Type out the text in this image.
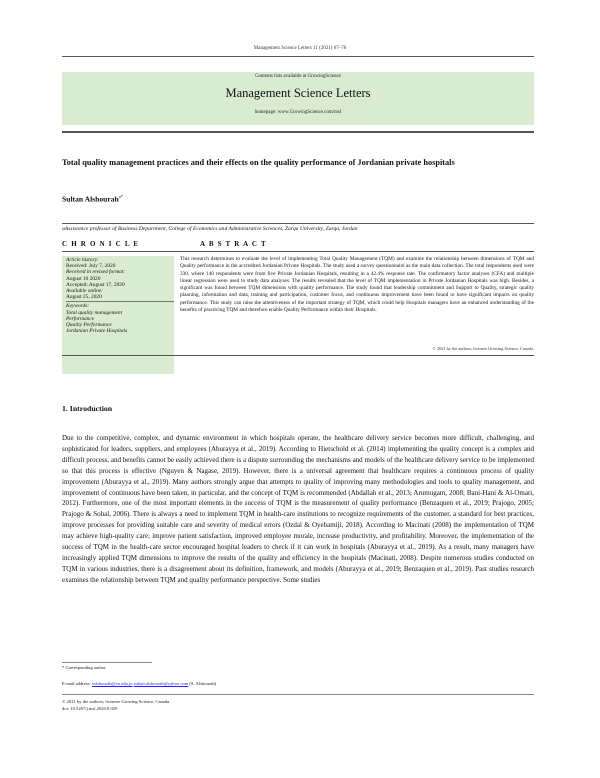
Management Science Letters 11 (2021) 67–76
Contents lists available at GrowingScience
Management Science Letters
homepage: www.GrowingScience.com/msl
Total quality management practices and their effects on the quality performance of Jordanian private hospitals
Sultan Alshourah$^{a*}$
aAssistance professor of Business Department, College of Economics and Administrative Sciences, Zarqa University, Zarqa, Jordan
C H R O N I C L E	A B S T R A C T
Article history:
Received: July 7, 2020
Received in revised format:
August 10 2020
Accepted: August 17, 2020
Available online:
August 25, 2020
Keywords:
Total quality management
Performance
Quality Performance
Jordanian Private Hospitals
This research determines to evaluate the level of implementing Total Quality Management (TQM) and examine the relationship between dimensions of TQM and Quality performance in the accredited Jordanian Private Hospitals. The study used a survey questionnaire as the main data collection. The total respondents used were 330, where 140 respondents were from five Private Jordanian Hospitals, resulting in a 42.4% response rate. The confirmatory factor analyses (CFA) and multiple linear regression were used to study data analyses. The results revealed that the level of TQM implementation in Private Jordanian Hospitals was high. Besides, a significant was found between TQM dimensions with quality performance. The study found that leadership commitment and Support to Quality, strategic quality planning, information and data, training and participation, customer focus, and continuous improvement have been found to have significant impacts on quality performance. This study can raise the attentiveness of the important strategy of TQM, which could help Hospitals managers have an enhanced understanding of the benefits of practicing TQM and therefore enable Quality Performance within their Hospitals.
© 2021 by the authors; licensee Growing Science, Canada.
1. Introduction
Due to the competitive, complex, and dynamic environment in which hospitals operate, the healthcare delivery service becomes more difficult, challenging, and sophisticated for leaders, suppliers, and employees (Aburayya et al., 2019). According to Hietschold et al. (2014) implementing the quality concept is a complex and difficult process, and benefits cannot be easily achieved there is a dispute surrounding the mechanisms and models of the healthcare delivery service to be implemented so that this process is effective (Nguyen & Nagase, 2019). However, there is a universal agreement that healthcare requires a continuous process of quality improvement (Aburayya et al., 2019). Many authors strongly argue that attempts to quality of improving many methodologies and tools to quality management, and improvement of continuous have been taken, in particular, and the concept of TQM is recommended (Abdallah et al., 2013; Arumugam, 2008; Bani-Hani & Al-Omari, 2012). Furthermore, one of the most important elements in the success of TQM is the measurement of quality performance (Benzaquen et al., 2019; Prajogo, 2005; Prajogo & Sohal, 2006). There is always a need to implement TQM in health-care institutions to recognize requirements of the customer, a standard for best practices, improve processes for providing suitable care and severity of medical errors (Ozdal & Oyebamiji, 2018). According to Macinati (2008) the implementation of TQM may achieve high-quality care; improve patient satisfaction, improved employee morale, increase productivity, and profitability. Moreover, the implementation of the success of TQM in the health-care sector encouraged hospital leaders to check if it can work in hospitals (Aburayya et al., 2019). As a result, many managers have increasingly applied TQM dimensions to improve the results of the quality and efficiency in the hospitals (Macinati, 2008). Despite numerous studies conducted on TQM in various industries, there is a disagreement about its definition, framework, and models (Aburayya et al., 2019; Benzaquen et al., 2019). Past studies research examines the relationship between TQM and quality performance perspective. Some studies
* Corresponding author.
E-mail address: salshourah@zu.edu.jo sultan.alshourah@yahoo.com (S. Alshourah)
© 2021 by the authors; licensee Growing Science, Canada
doi: 10.5267/j.msl.2020.8.029
